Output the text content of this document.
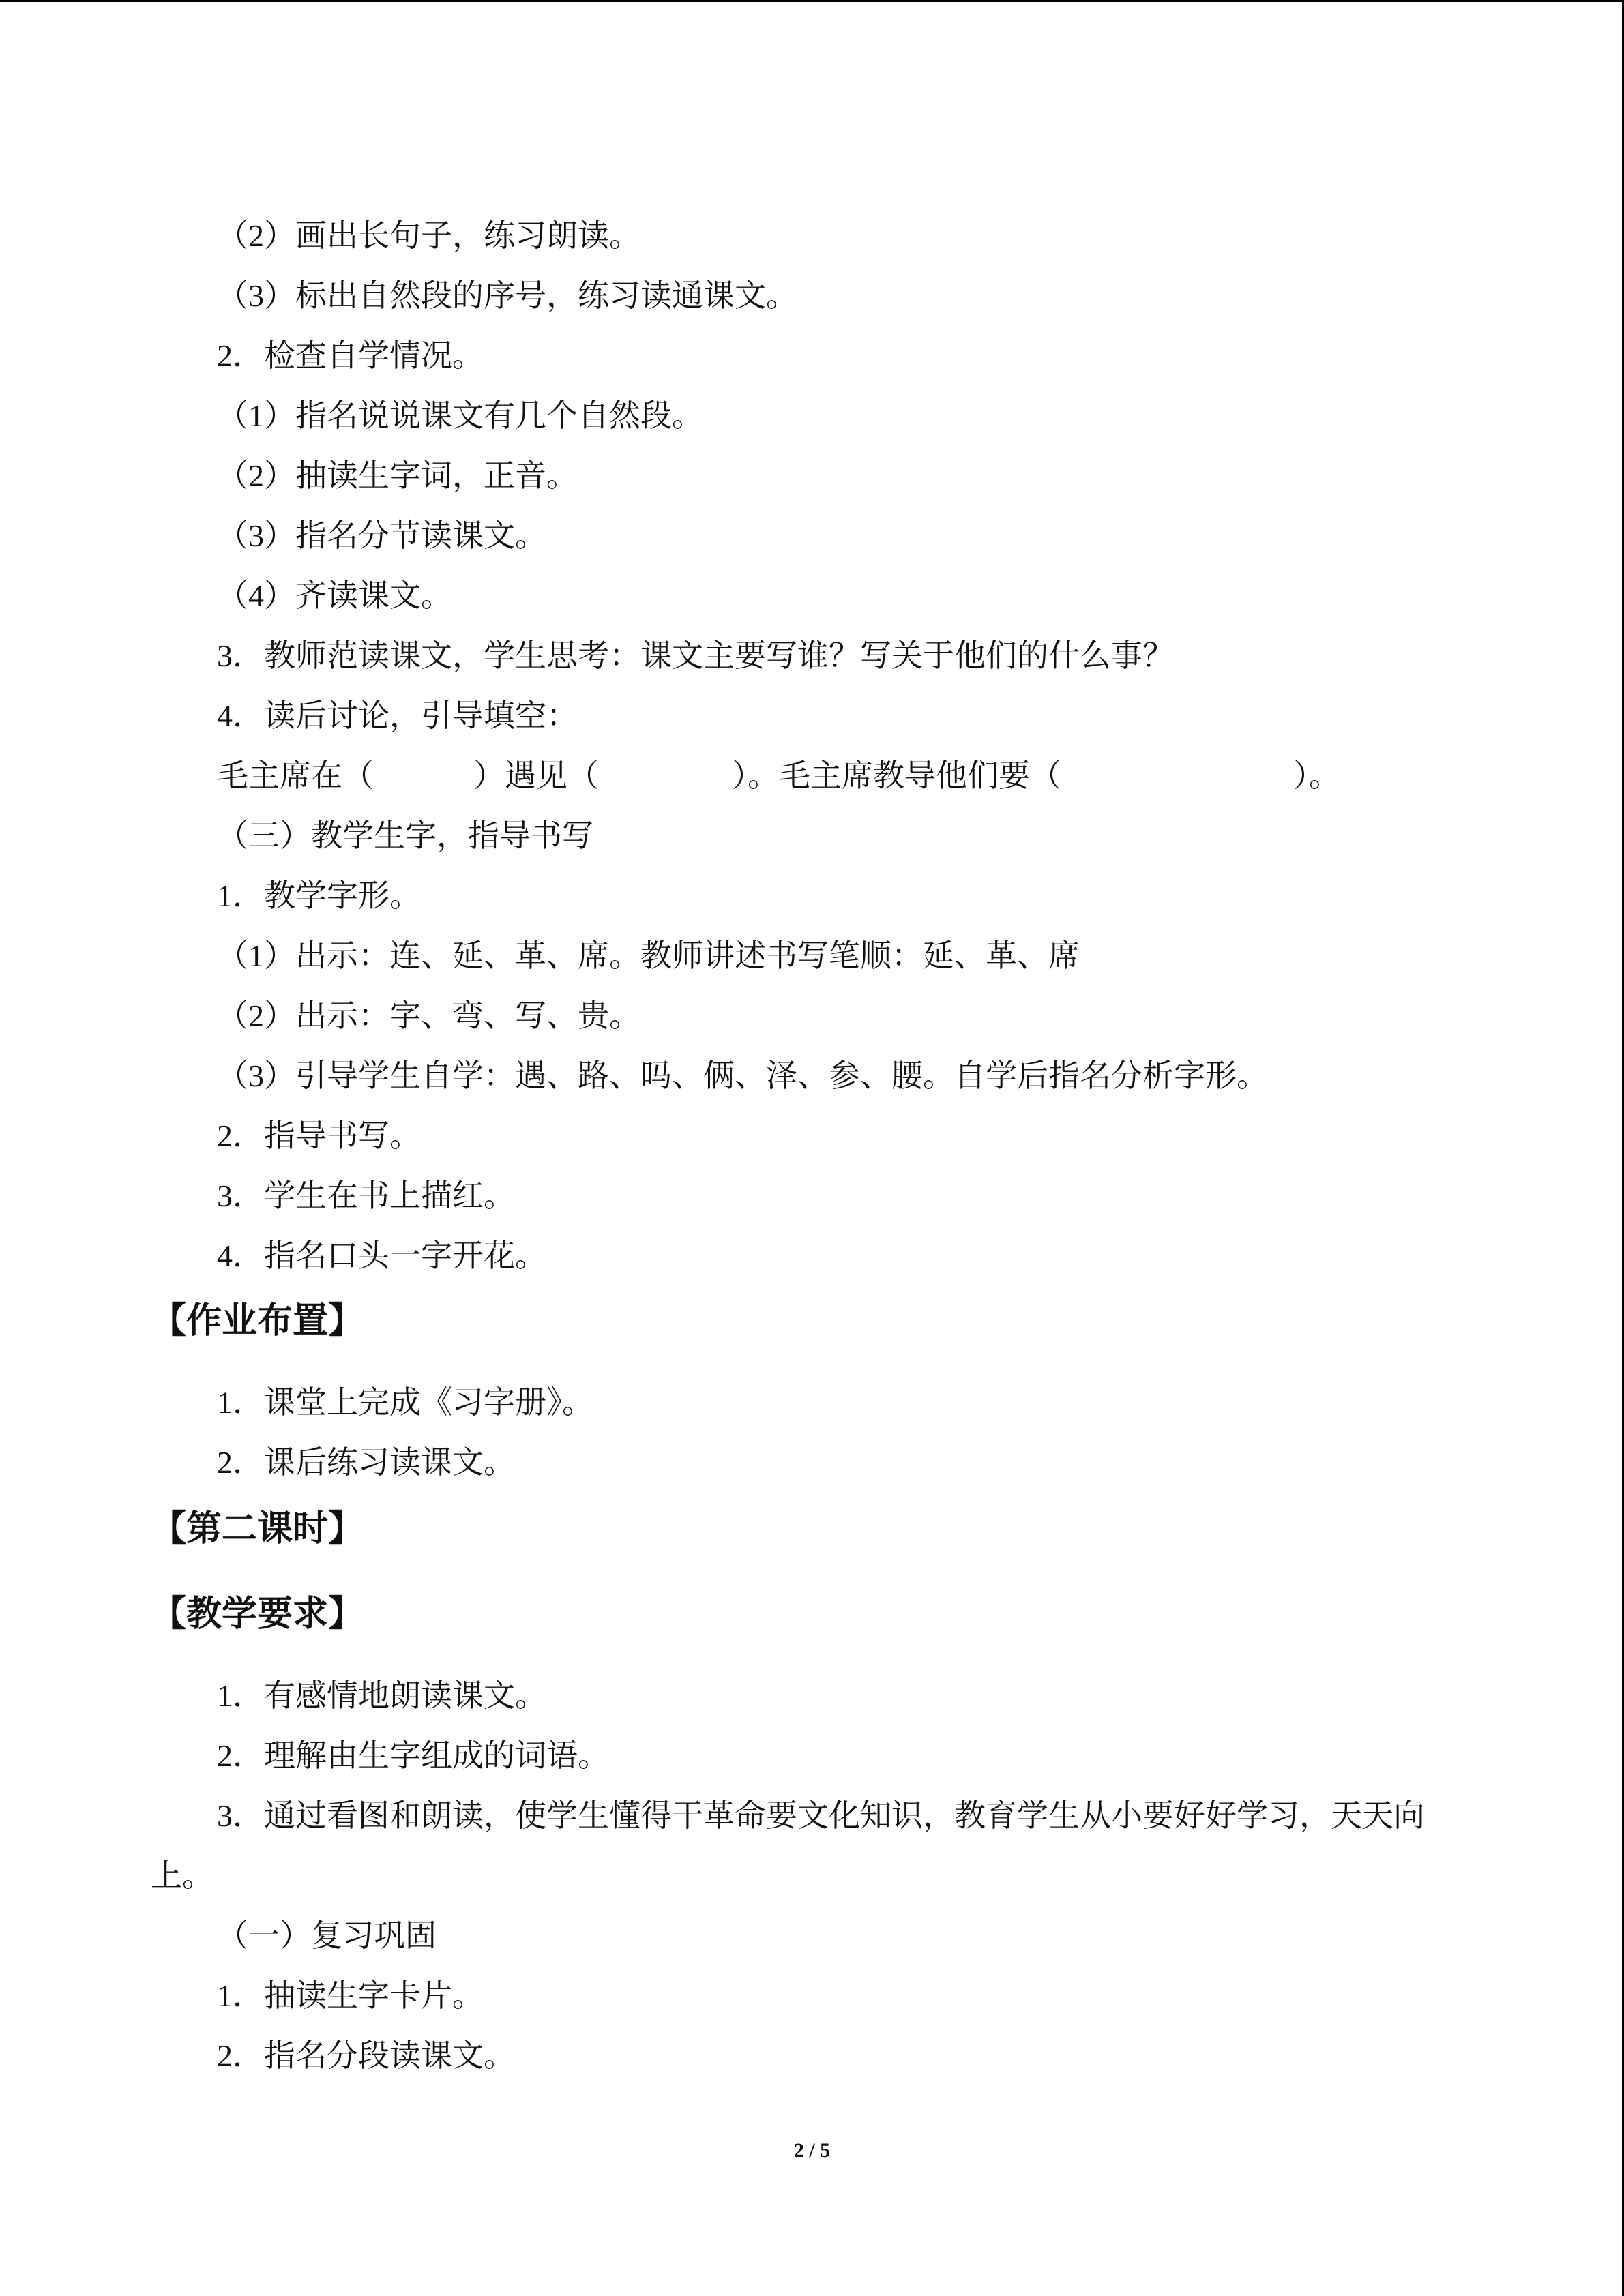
（2）画出长句子，练习朗读。
（3）标出自然段的序号，练习读通课文。
2．检查自学情况。
（1）指名说说课文有几个自然段。
（2）抽读生字词，正音。
（3）指名分节读课文。
（4）齐读课文。
3．教师范读课文，学生思考：课文主要写谁？写关于他们的什么事？
4．读后讨论，引导填空：
毛主席在（	）遇见（	）。毛主席教导他们要（	）。
（三）教学生字，指导书写
1．教学字形。
（1）出示：连、延、革、席。教师讲述书写笔顺：延、革、席
（2）出示：字、弯、写、贵。
（3）引导学生自学：遇、路、吗、俩、泽、参、腰。自学后指名分析字形。
2．指导书写。
3．学生在书上描红。
4．指名口头一字开花。
【作业布置】
1．课堂上完成《习字册》。
2．课后练习读课文。
【第二课时】
【教学要求】
1．有感情地朗读课文。
2．理解由生字组成的词语。
3．通过看图和朗读，使学生懂得干革命要文化知识，教育学生从小要好好学习，天天向
上。
（一）复习巩固
1．抽读生字卡片。
2．指名分段读课文。
2 / 5
